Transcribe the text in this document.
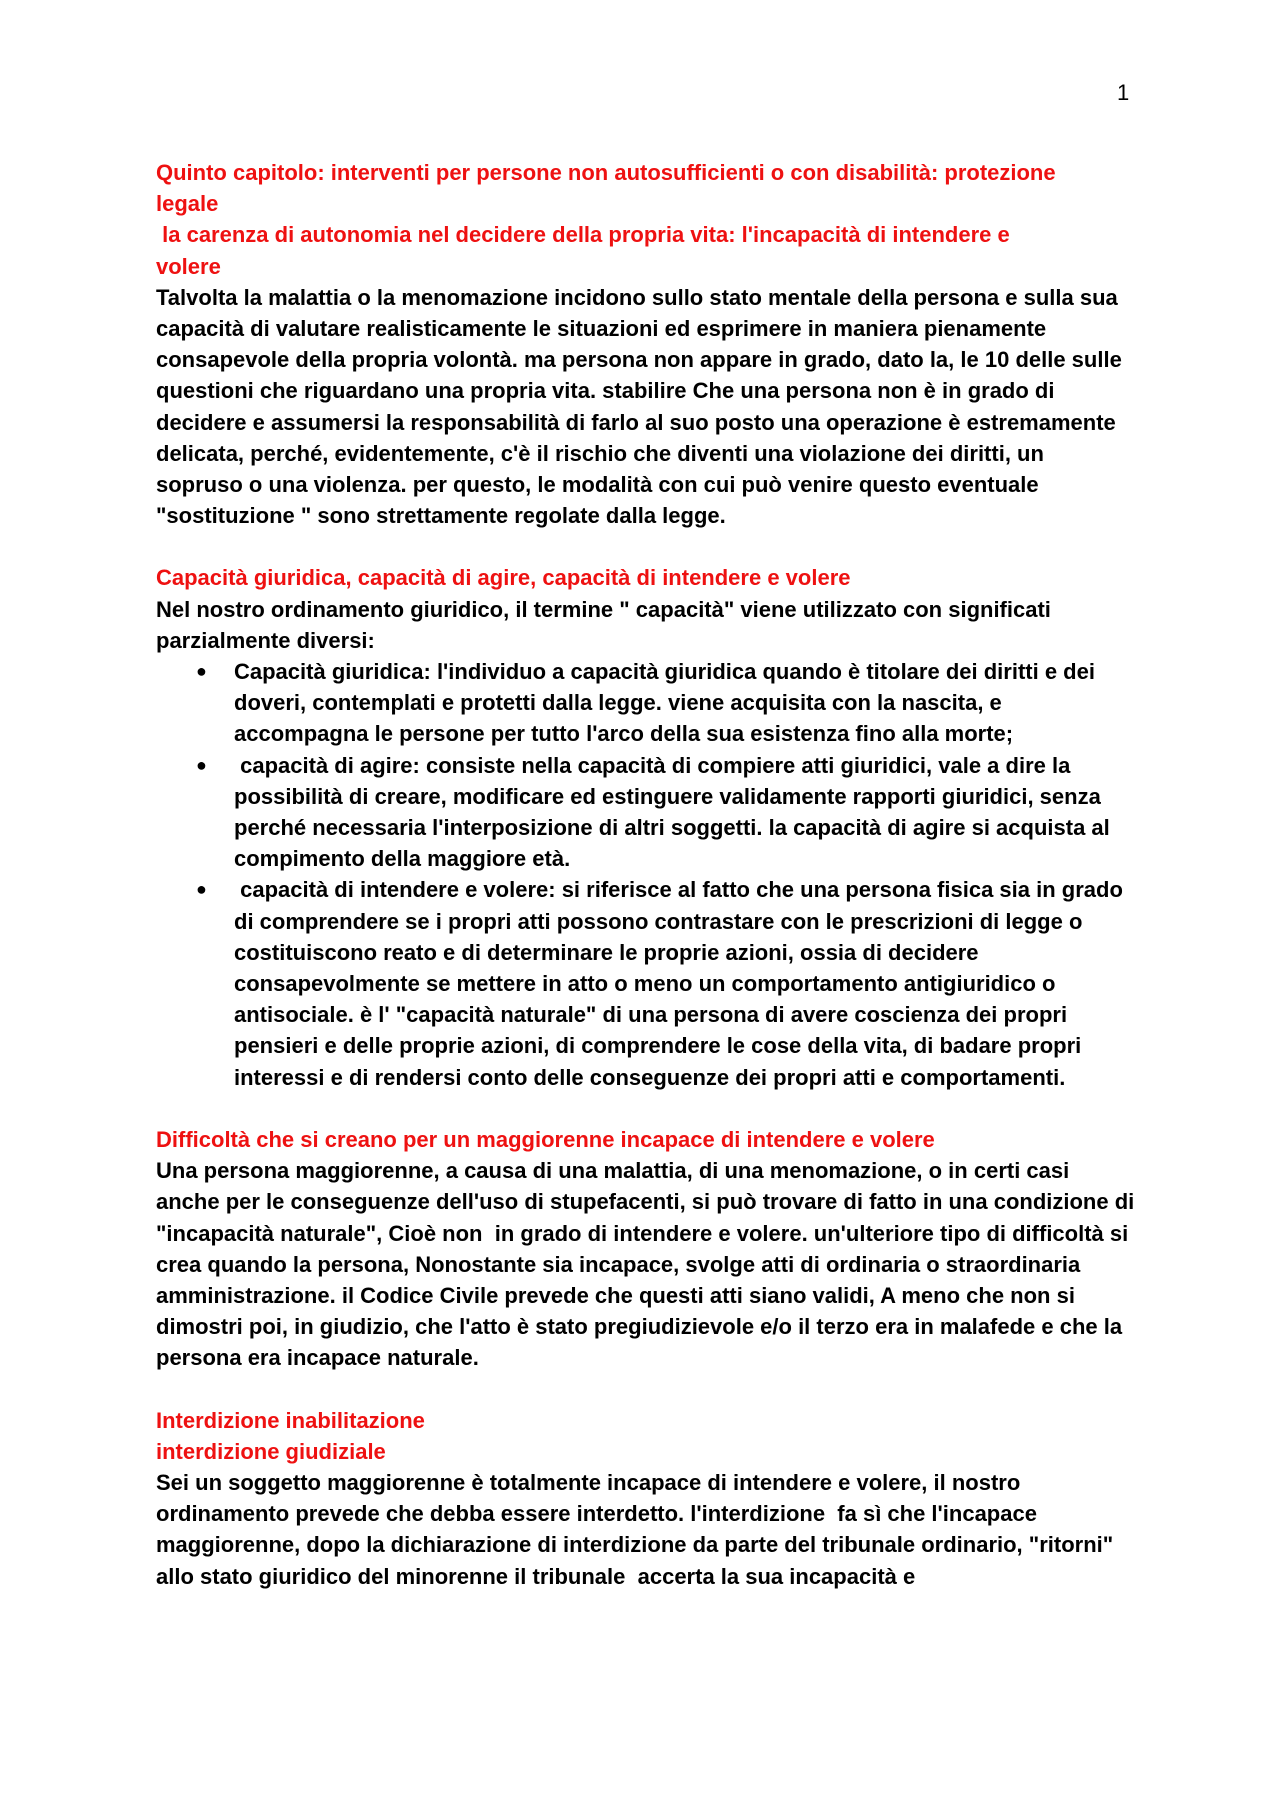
1

Quinto capitolo: interventi per persone non autosufficienti o con disabilità: protezione
legale

la carenza di autonomia nel decidere della propria vita: l'incapacità di intendere e
volere

Talvolta la malattia o la menomazione incidono sullo stato mentale della persona e sulla sua capacità di valutare realisticamente le situazioni ed esprimere in maniera pienamente consapevole della propria volontà. ma persona non appare in grado, dato la, le 10 delle sulle questioni che riguardano una propria vita. stabilire Che una persona non è in grado di decidere e assumersi la responsabilità di farlo al suo posto una operazione è estremamente delicata, perché, evidentemente, c'è il rischio che diventi una violazione dei diritti, un sopruso o una violenza. per questo, le modalità con cui può venire questo eventuale "sostituzione " sono strettamente regolate dalla legge.

Capacità giuridica, capacità di agire, capacità di intendere e volere

Nel nostro ordinamento giuridico, il termine " capacità" viene utilizzato con significati parzialmente diversi:

● Capacità giuridica: l'individuo a capacità giuridica quando è titolare dei diritti e dei doveri, contemplati e protetti dalla legge. viene acquisita con la nascita, e accompagna le persone per tutto l'arco della sua esistenza fino alla morte;

● capacità di agire: consiste nella capacità di compiere atti giuridici, vale a dire la possibilità di creare, modificare ed estinguere validamente rapporti giuridici, senza perché necessaria l'interposizione di altri soggetti. la capacità di agire si acquista al compimento della maggiore età.

● capacità di intendere e volere: si riferisce al fatto che una persona fisica sia in grado di comprendere se i propri atti possono contrastare con le prescrizioni di legge o costituiscono reato e di determinare le proprie azioni, ossia di decidere consapevolmente se mettere in atto o meno un comportamento antigiuridico o antisociale. è l' "capacità naturale" di una persona di avere coscienza dei propri pensieri e delle proprie azioni, di comprendere le cose della vita, di badare propri interessi e di rendersi conto delle conseguenze dei propri atti e comportamenti.

Difficoltà che si creano per un maggiorenne incapace di intendere e volere

Una persona maggiorenne, a causa di una malattia, di una menomazione, o in certi casi anche per le conseguenze dell'uso di stupefacenti, si può trovare di fatto in una condizione di "incapacità naturale", Cioè non  in grado di intendere e volere. un'ulteriore tipo di difficoltà si crea quando la persona, Nonostante sia incapace, svolge atti di ordinaria o straordinaria amministrazione. il Codice Civile prevede che questi atti siano validi, A meno che non si dimostri poi, in giudizio, che l'atto è stato pregiudizievole e/o il terzo era in malafede e che la persona era incapace naturale.

Interdizione inabilitazione

interdizione giudiziale

Sei un soggetto maggiorenne è totalmente incapace di intendere e volere, il nostro ordinamento prevede che debba essere interdetto. l'interdizione  fa sì che l'incapace maggiorenne, dopo la dichiarazione di interdizione da parte del tribunale ordinario, "ritorni" allo stato giuridico del minorenne il tribunale  accerta la sua incapacità e
